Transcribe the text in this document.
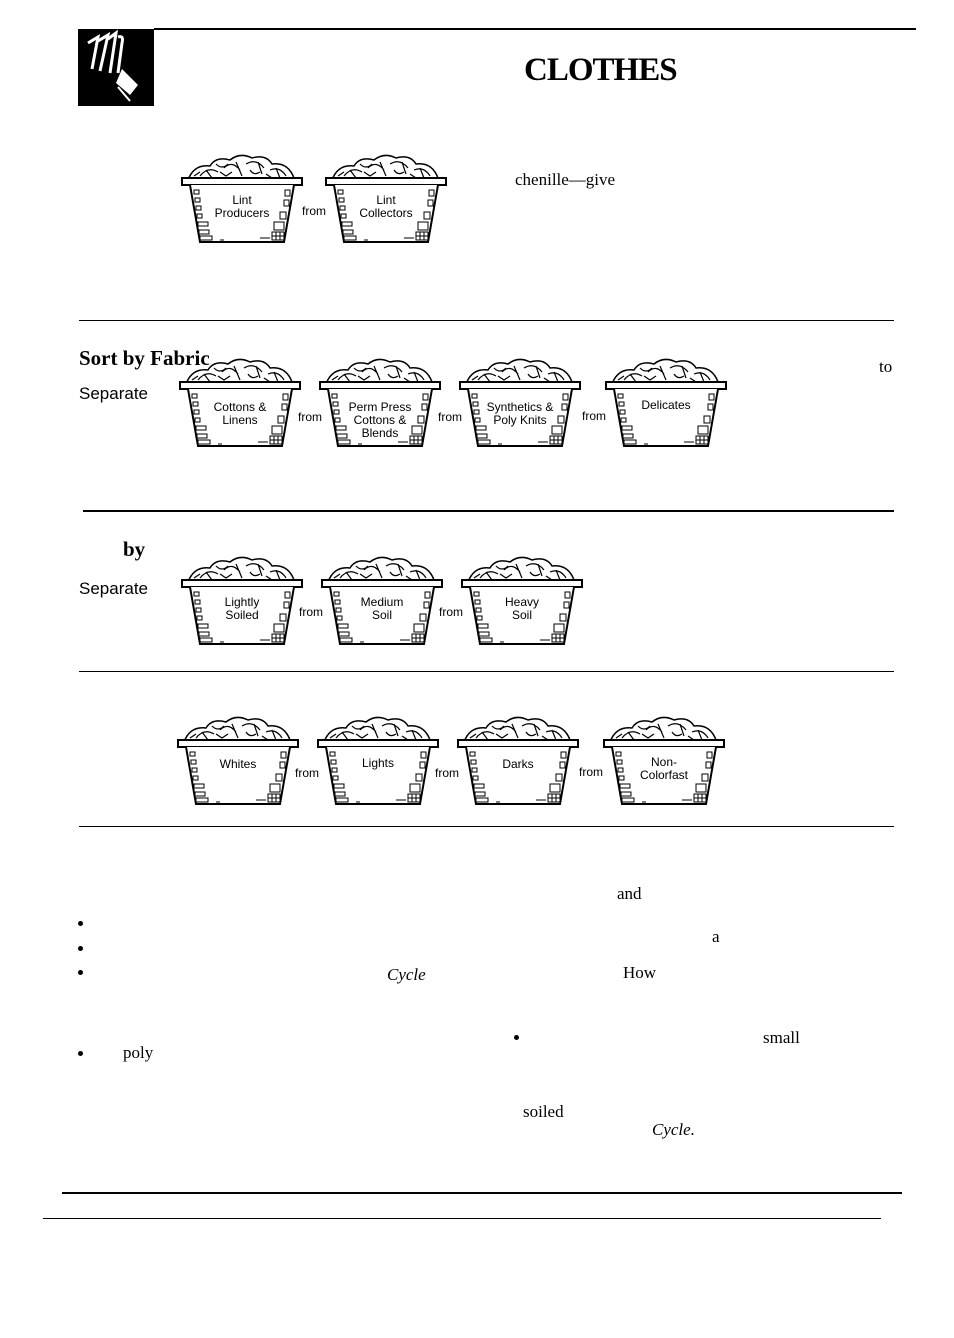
CLOTHES
Lint
Producers	from
Lint
Collectors
chenille—give
Sort by Fabric
Separate
to
Cottons &
Linens	from
Perm Press
Cottons &
Blends
from
Synthetics &
Poly Knits	from
Delicates
by
Separate
Lightly
Soiled	from
Medium
Soil	from
Heavy
Soil
Whites
from
Lights
from
Darks
from
Non-
Colorfast
and
a
Cycle	How
small
poly
soiled
Cycle.
